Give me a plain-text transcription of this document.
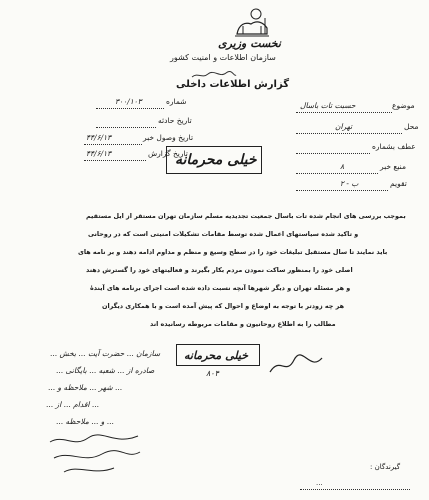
نخست وزیری
سازمان اطلاعات و امنیت کشور
گزارش اطلاعات داخلی
موضوع
حسبت تات باسال
محل
تهران
عطف بشماره
منبع خبر
۸
تقویم
ب - ۲
شماره
۳۰۰/۱۰۳
تاریخ حادثه
تاریخ وصول خبر
۴۴/۶/۱۳
تاریخ گزارش
۴۴/۶/۱۳	خیلی محرمانه
بموجب بررسی های انجام شده تات باسال جمعیت تجدیدیه مسلم سازمان تهران مستقر از ایل مستقیم
و تاکید شده سیاستهای اعمال شده توسط مقامات تشکیلات امنیتی است که در روحانی
باید نمایند تا سال مستقبل تبلیغات خود را در سطح وسیع و منظم و مداوم ادامه دهند و بر نامه های
اصلی خود را بمنظور ساکت نمودن مردم بکار بگیرند و فعالیتهای خود را گسترش دهند
و هر مسئله تهران و دیگر شهرها آنچه نسبت داده شده است اجرای برنامه های آیندهٔ
هر چه زودتر با توجه به اوضاع و احوال که پیش آمده است و با همکاری دیگران
مطالب را به اطلاع روحانیون و مقامات مربوطه رسانیده اند
خیلی محرمانه
۸۰۴
سازمان ... حضرت آیت ... بخش ...
صادره از ... شعبه ... بایگانی ...
... شهر ... ملاحظه و ...
... اقدام ... از ...
... و ... ملاحظه ...
گیرندگان :
...
